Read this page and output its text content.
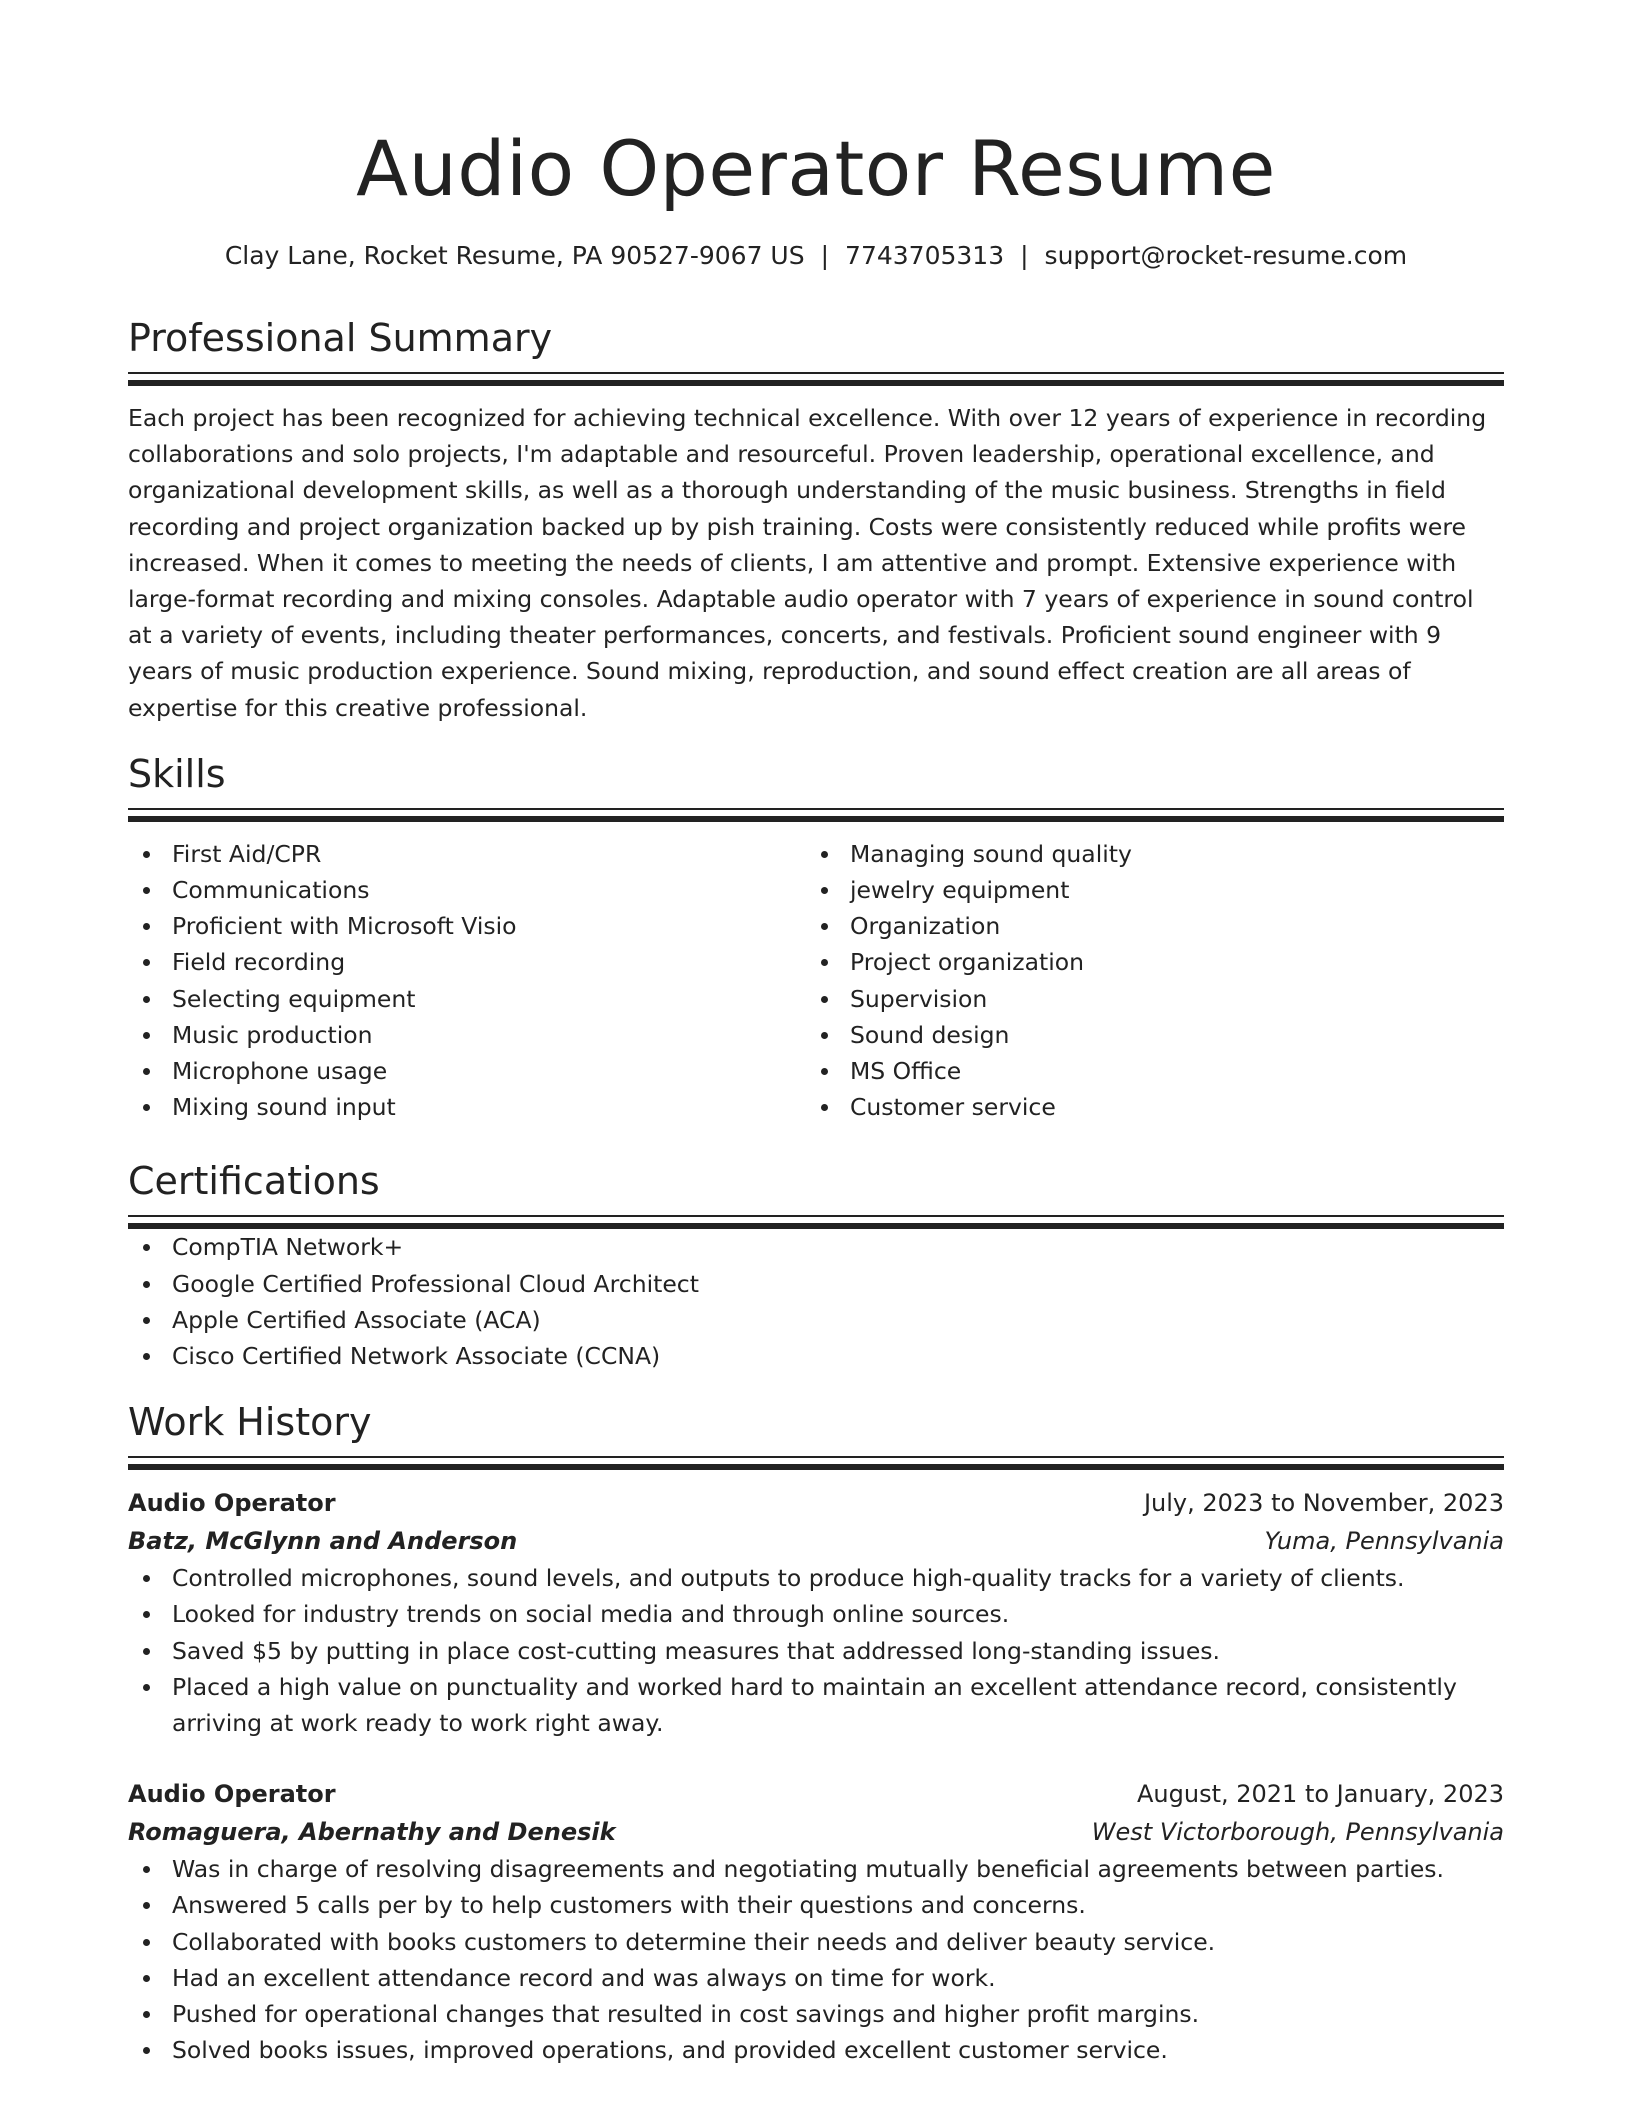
Audio Operator Resume
Clay Lane, Rocket Resume, PA 90527-9067 US | 7743705313 | support@rocket-resume.com
Professional Summary

Each project has been recognized for achieving technical excellence. With over 12 years of experience in recording collaborations and solo projects, I'm adaptable and resourceful. Proven leadership, operational excellence, and organizational development skills, as well as a thorough understanding of the music business. Strengths in field recording and project organization backed up by pish training. Costs were consistently reduced while profits were increased. When it comes to meeting the needs of clients, I am attentive and prompt. Extensive experience with large-format recording and mixing consoles. Adaptable audio operator with 7 years of experience in sound control at a variety of events, including theater performances, concerts, and festivals. Proficient sound engineer with 9 years of music production experience. Sound mixing, reproduction, and sound effect creation are all areas of expertise for this creative professional.

Skills
First Aid/CPR
Communications
Proficient with Microsoft Visio
Field recording
Selecting equipment
Music production
Microphone usage
Mixing sound input
Managing sound quality
jewelry equipment
Organization
Project organization
Supervision
Sound design
MS Office
Customer service
Certifications
CompTIA Network+
Google Certified Professional Cloud Architect
Apple Certified Associate (ACA)
Cisco Certified Network Associate (CCNA)
Work History
Audio Operator	July, 2023 to November, 2023
Batz, McGlynn and Anderson	Yuma, Pennsylvania
Controlled microphones, sound levels, and outputs to produce high-quality tracks for a variety of clients.
Looked for industry trends on social media and through online sources.
Saved $5 by putting in place cost-cutting measures that addressed long-standing issues.
Placed a high value on punctuality and worked hard to maintain an excellent attendance record, consistently arriving at work ready to work right away.
Audio Operator	August, 2021 to January, 2023
Romaguera, Abernathy and Denesik	West Victorborough, Pennsylvania
Was in charge of resolving disagreements and negotiating mutually beneficial agreements between parties.
Answered 5 calls per by to help customers with their questions and concerns.
Collaborated with books customers to determine their needs and deliver beauty service.
Had an excellent attendance record and was always on time for work.
Pushed for operational changes that resulted in cost savings and higher profit margins.
Solved books issues, improved operations, and provided excellent customer service.
